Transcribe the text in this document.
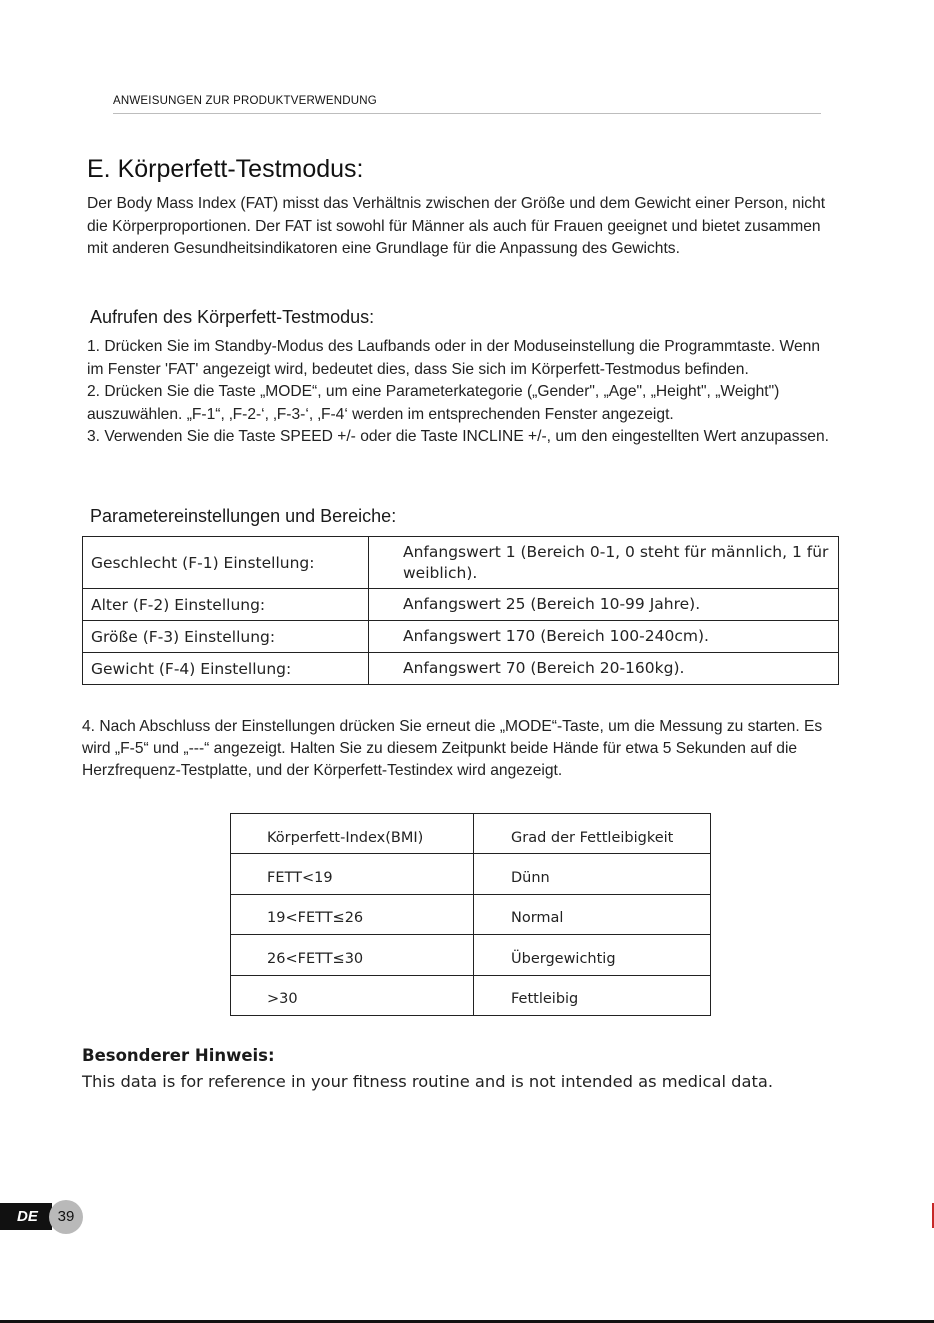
ANWEISUNGEN ZUR PRODUKTVERWENDUNG
E. Körperfett-Testmodus:

Der Body Mass Index (FAT) misst das Verhältnis zwischen der Größe und dem Gewicht einer Person, nicht die Körperproportionen. Der FAT ist sowohl für Männer als auch für Frauen geeignet und bietet zusammen mit anderen Gesundheitsindikatoren eine Grundlage für die Anpassung des Gewichts.

Aufrufen des Körperfett-Testmodus:

1. Drücken Sie im Standby-Modus des Laufbands oder in der Moduseinstellung die Programmtaste. Wenn im Fenster 'FAT' angezeigt wird, bedeutet dies, dass Sie sich im Körperfett-Testmodus befinden.

2. Drücken Sie die Taste „MODE“, um eine Parameterkategorie („Gender", „Age", „Height", „Weight") auszuwählen. „F-1“, ‚F-2-‘, ‚F-3-‘, ‚F-4‘ werden im entsprechenden Fenster angezeigt.

3. Verwenden Sie die Taste SPEED +/- oder die Taste INCLINE +/-, um den eingestellten Wert anzupassen.

Parametereinstellungen und Bereiche:
Geschlecht (F-1) Einstellung:	Anfangswert 1 (Bereich 0-1, 0 steht für männlich, 1 für weiblich).
Alter (F-2) Einstellung:	Anfangswert 25 (Bereich 10-99 Jahre).
Größe (F-3) Einstellung:	Anfangswert 170 (Bereich 100-240cm).
Gewicht (F-4) Einstellung:	Anfangswert 70 (Bereich 20-160kg).

4. Nach Abschluss der Einstellungen drücken Sie erneut die „MODE“-Taste, um die Messung zu starten. Es wird „F-5“ und „---“ angezeigt. Halten Sie zu diesem Zeitpunkt beide Hände für etwa 5 Sekunden auf die Herzfrequenz-Testplatte, und der Körperfett-Testindex wird angezeigt.

Körperfett-Index(BMI)	Grad der Fettleibigkeit
FETT<19	Dünn
19<FETT≤26	Normal
26<FETT≤30	Übergewichtig
>30	Fettleibig
Besonderer Hinweis:
This data is for reference in your fitness routine and is not intended as medical data.
DE	39
